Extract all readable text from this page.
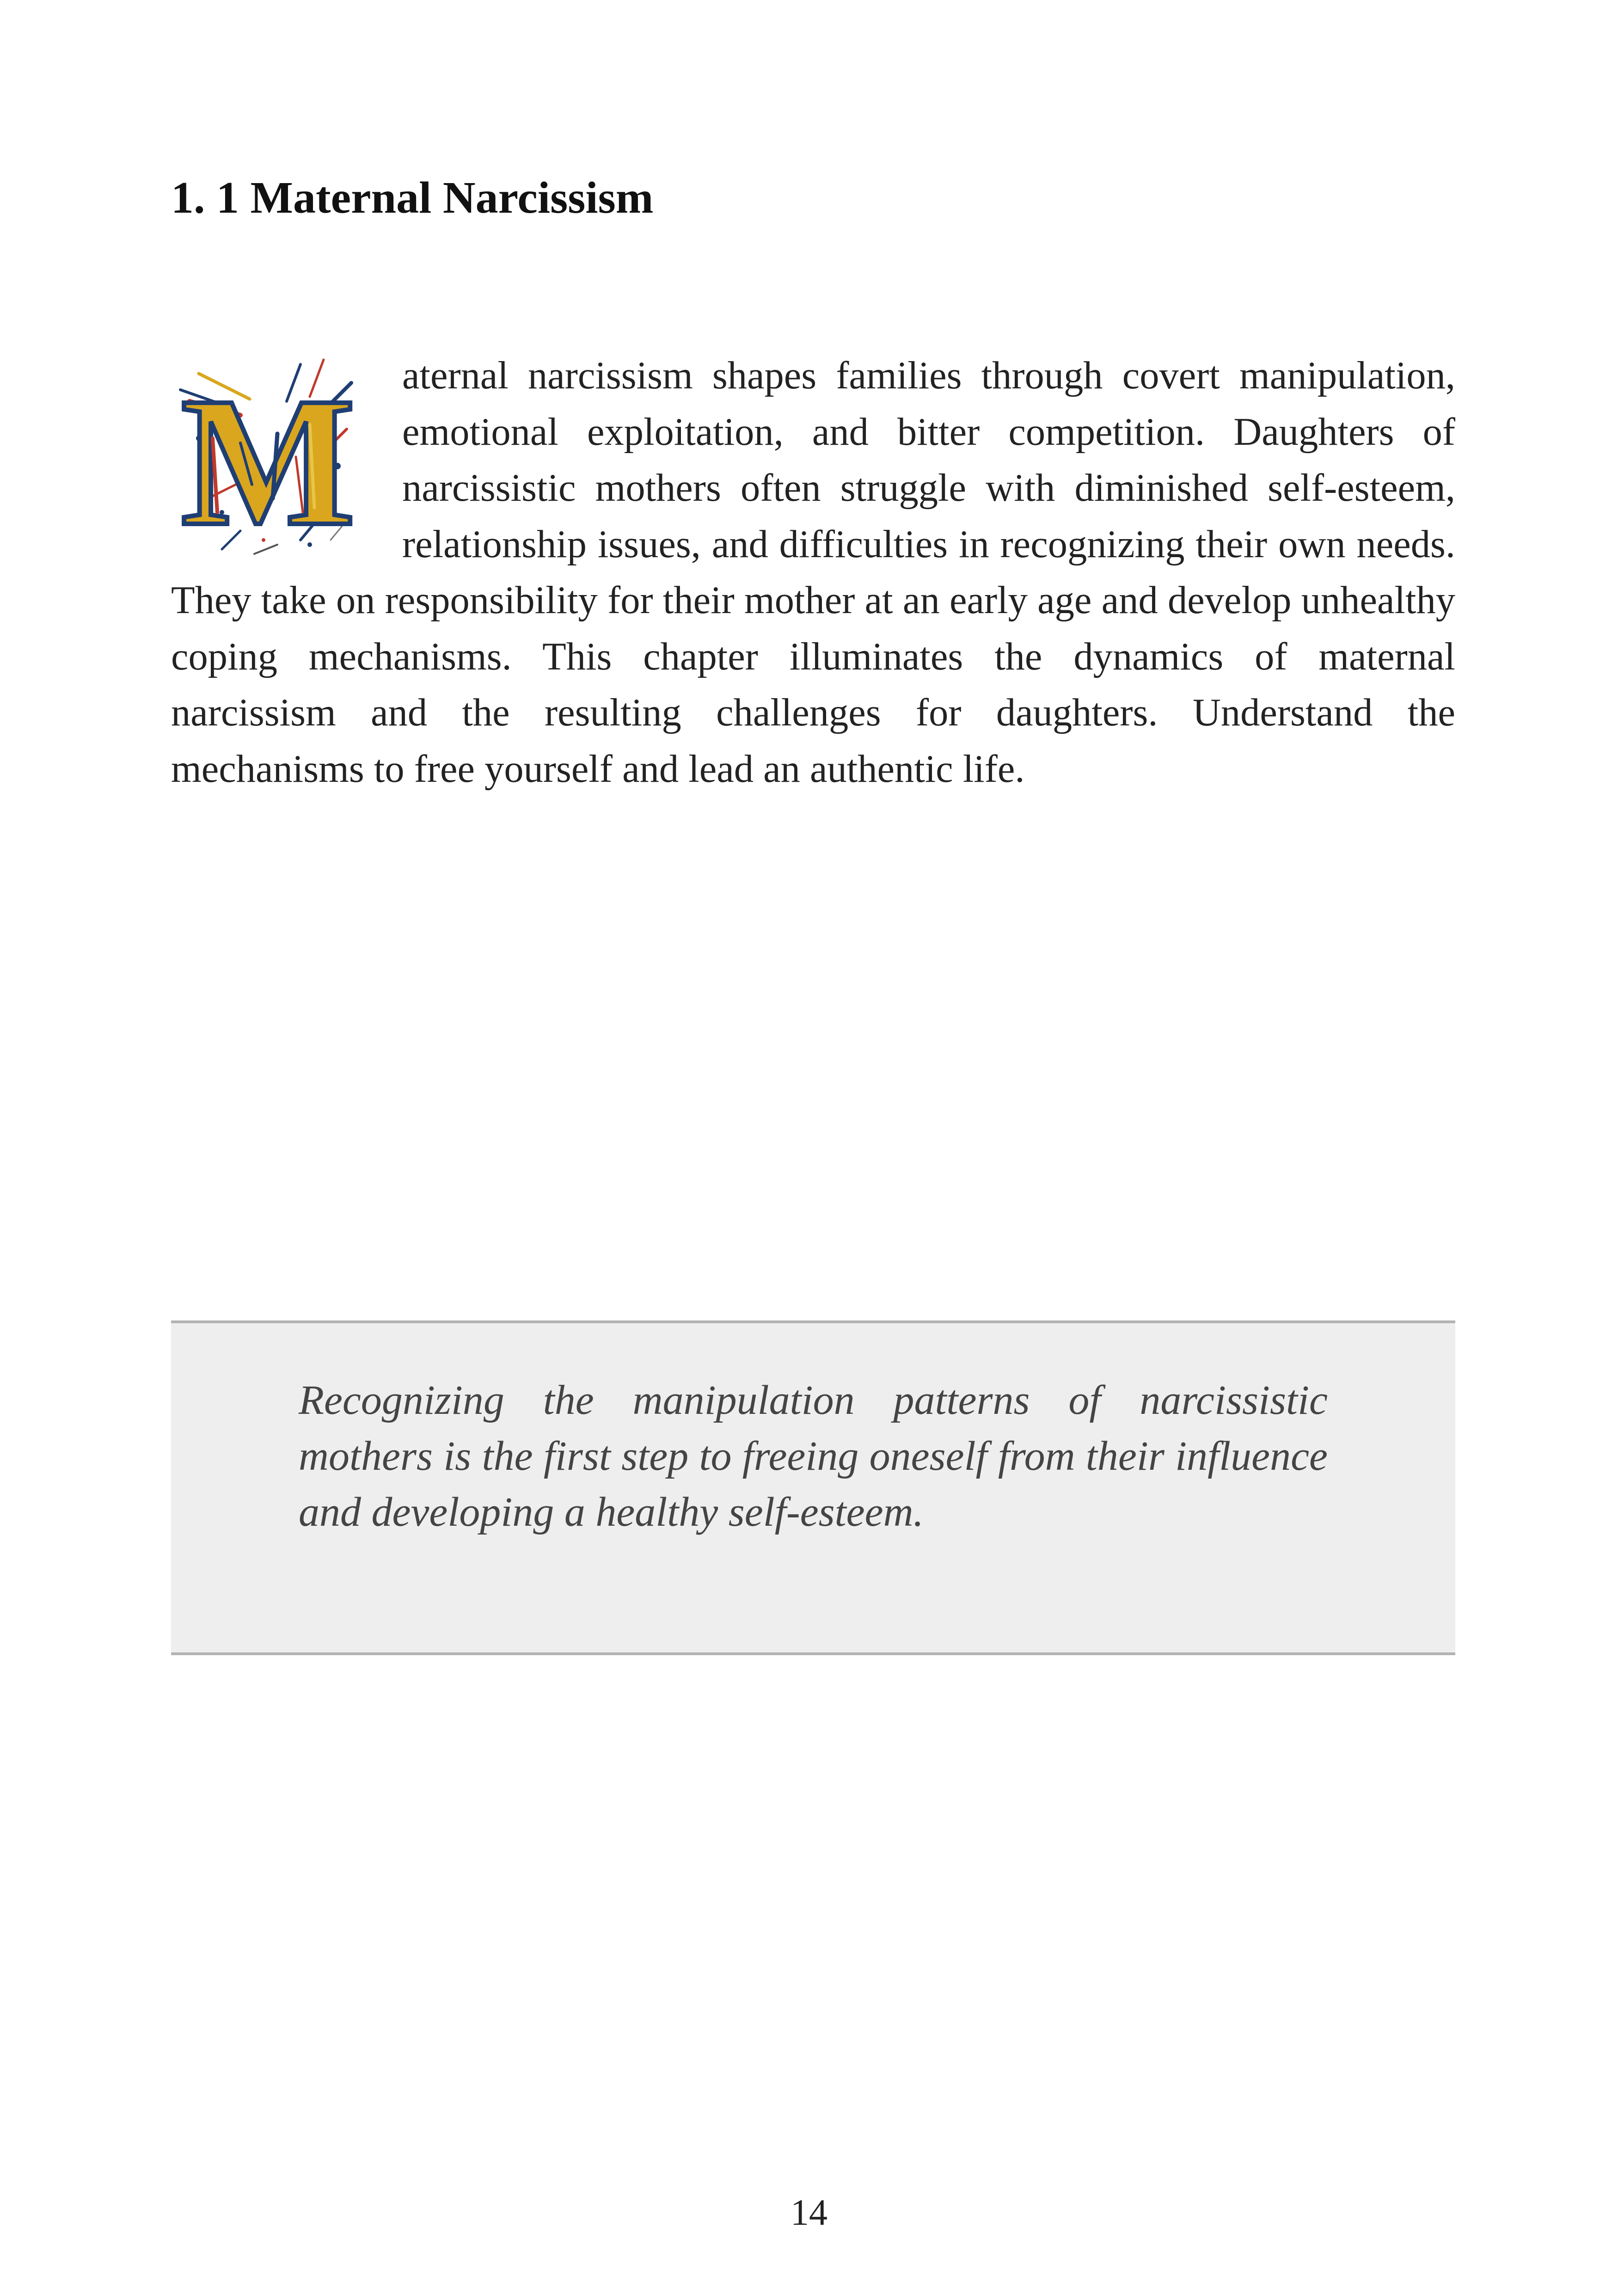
1. 1 Maternal Narcissism
M aternal narcissism shapes families through covert manipulation, emotional exploitation, and bitter competition. Daughters of narcissistic mothers often struggle with diminished self-esteem, relationship issues, and difficulties in recognizing their own needs. They take on responsibility for their mother at an early age and develop unhealthy coping mechanisms. This chapter illuminates the dynamics of maternal narcissism and the resulting challenges for daughters. Understand the mechanisms to free yourself and lead an authentic life.

Recognizing the manipulation patterns of narcissistic mothers is the first step to freeing oneself from their influence and developing a healthy self-esteem.

14
